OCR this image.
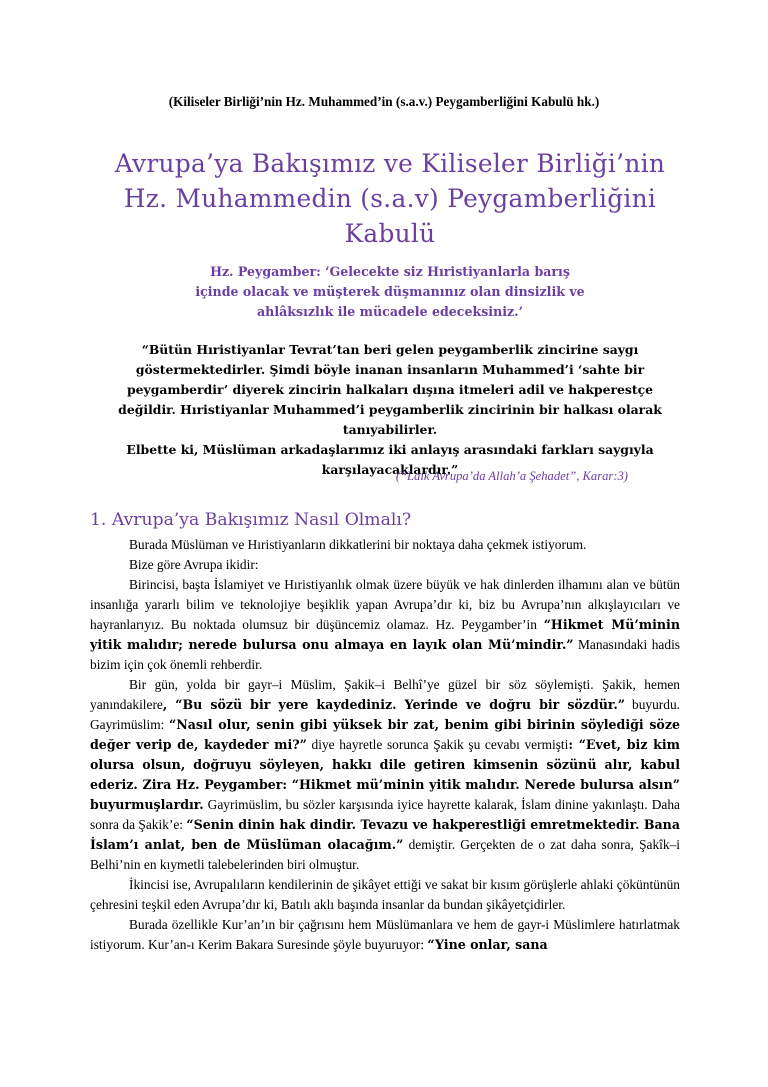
(Kiliseler Birliği’nin Hz. Muhammed’in (s.a.v.) Peygamberliğini Kabulü hk.)
Avrupa’ya Bakışımız ve Kiliseler Birliği’nin
Hz. Muhammedin (s.a.v) Peygamberliğini
Kabulü
Hz. Peygamber: ‘Gelecekte siz Hıristiyanlarla barış
içinde olacak ve müşterek düşmanınız olan dinsizlik ve
ahlâksızlık ile mücadele edeceksiniz.’
“Bütün Hıristiyanlar Tevrat’tan beri gelen peygamberlik zincirine saygı
göstermektedirler. Şimdi böyle inanan insanların Muhammed’i ‘sahte bir
peygamberdir’ diyerek zincirin halkaları dışına itmeleri adil ve hakperestçe
değildir. Hıristiyanlar Muhammed’i peygamberlik zincirinin bir halkası olarak
tanıyabilirler.
Elbette ki, Müslüman arkadaşlarımız iki anlayış arasındaki farkları saygıyla
karşılayacaklardır.”
(“Laik Avrupa’da Allah’a Şehadet”, Karar:3)
1. Avrupa’ya Bakışımız Nasıl Olmalı?

Burada Müslüman ve Hıristiyanların dikkatlerini bir noktaya daha çekmek istiyorum.

Bize göre Avrupa ikidir:

Birincisi, başta İslamiyet ve Hıristiyanlık olmak üzere büyük ve hak dinlerden ilhamını alan ve bütün insanlığa yararlı bilim ve teknolojiye beşiklik yapan Avrupa’dır ki, biz bu Avrupa’nın alkışlayıcıları ve hayranlarıyız. Bu noktada olumsuz bir düşüncemiz olamaz. Hz. Peygamber’in “Hikmet Mü’minin yitik malıdır; nerede bulursa onu almaya en layık olan Mü’mindir.” Manasındaki hadis bizim için çok önemli rehberdir.

Bir gün, yolda bir gayr–i Müslim, Şakik–i Belhî’ye güzel bir söz söylemişti. Şakik, hemen yanındakilere, “Bu sözü bir yere kaydediniz. Yerinde ve doğru bir sözdür.” buyurdu. Gayrimüslim: “Nasıl olur, senin gibi yüksek bir zat, benim gibi birinin söylediği söze değer verip de, kaydeder mi?” diye hayretle sorunca Şakik şu cevabı vermişti: “Evet, biz kim olursa olsun, doğruyu söyleyen, hakkı dile getiren kimsenin sözünü alır, kabul ederiz. Zira Hz. Peygamber: “Hikmet mü’minin yitik malıdır. Nerede bulursa alsın” buyurmuşlardır. Gayrimüslim, bu sözler karşısında iyice hayrette kalarak, İslam dinine yakınlaştı. Daha sonra da Şakik’e: “Senin dinin hak dindir. Tevazu ve hakperestliği emretmektedir. Bana İslam’ı anlat, ben de Müslüman olacağım.” demiştir. Gerçekten de o zat daha sonra, Şakîk–i Belhi’nin en kıymetli talebelerinden biri olmuştur.

İkincisi ise, Avrupalıların kendilerinin de şikâyet ettiği ve sakat bir kısım görüşlerle ahlaki çöküntünün çehresini teşkil eden Avrupa’dır ki, Batılı aklı başında insanlar da bundan şikâyetçidirler.

Burada özellikle Kur’an’ın bir çağrısını hem Müslümanlara ve hem de gayr-i Müslimlere hatırlatmak istiyorum. Kur’an-ı Kerim Bakara Suresinde şöyle buyuruyor: “Yine onlar, sana
